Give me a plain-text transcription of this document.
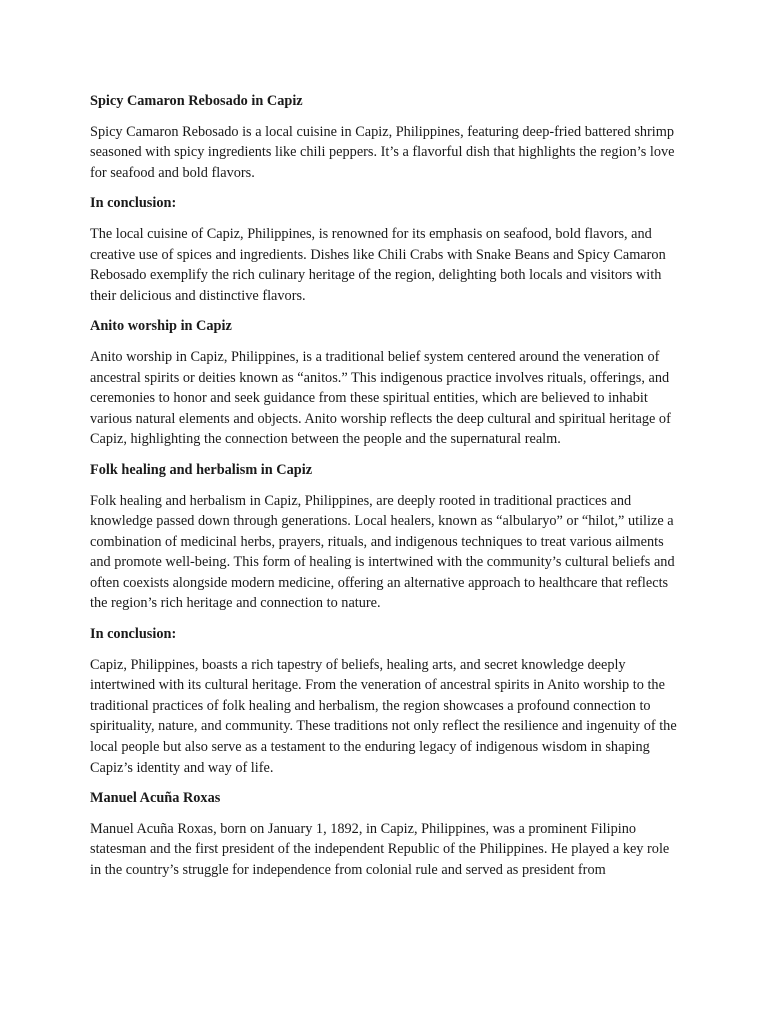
Spicy Camaron Rebosado in Capiz

Spicy Camaron Rebosado is a local cuisine in Capiz, Philippines, featuring deep-fried battered shrimp seasoned with spicy ingredients like chili peppers. It’s a flavorful dish that highlights the region’s love for seafood and bold flavors.

In conclusion:

The local cuisine of Capiz, Philippines, is renowned for its emphasis on seafood, bold flavors, and creative use of spices and ingredients. Dishes like Chili Crabs with Snake Beans and Spicy Camaron Rebosado exemplify the rich culinary heritage of the region, delighting both locals and visitors with their delicious and distinctive flavors.

Anito worship in Capiz

Anito worship in Capiz, Philippines, is a traditional belief system centered around the veneration of ancestral spirits or deities known as “anitos.” This indigenous practice involves rituals, offerings, and ceremonies to honor and seek guidance from these spiritual entities, which are believed to inhabit various natural elements and objects. Anito worship reflects the deep cultural and spiritual heritage of Capiz, highlighting the connection between the people and the supernatural realm.

Folk healing and herbalism in Capiz

Folk healing and herbalism in Capiz, Philippines, are deeply rooted in traditional practices and knowledge passed down through generations. Local healers, known as “albularyo” or “hilot,” utilize a combination of medicinal herbs, prayers, rituals, and indigenous techniques to treat various ailments and promote well-being. This form of healing is intertwined with the community’s cultural beliefs and often coexists alongside modern medicine, offering an alternative approach to healthcare that reflects the region’s rich heritage and connection to nature.

In conclusion:

Capiz, Philippines, boasts a rich tapestry of beliefs, healing arts, and secret knowledge deeply intertwined with its cultural heritage. From the veneration of ancestral spirits in Anito worship to the traditional practices of folk healing and herbalism, the region showcases a profound connection to spirituality, nature, and community. These traditions not only reflect the resilience and ingenuity of the local people but also serve as a testament to the enduring legacy of indigenous wisdom in shaping Capiz’s identity and way of life.

Manuel Acuña Roxas

Manuel Acuña Roxas, born on January 1, 1892, in Capiz, Philippines, was a prominent Filipino statesman and the first president of the independent Republic of the Philippines. He played a key role in the country’s struggle for independence from colonial rule and served as president from
